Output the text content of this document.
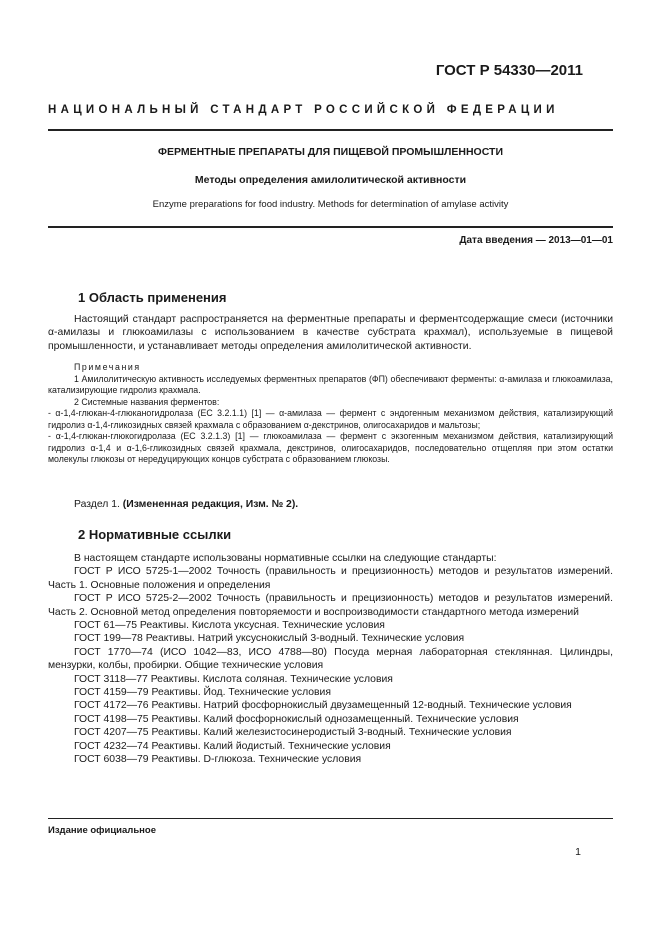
ГОСТ Р 54330—2011
НАЦИОНАЛЬНЫЙ СТАНДАРТ РОССИЙСКОЙ ФЕДЕРАЦИИ
ФЕРМЕНТНЫЕ ПРЕПАРАТЫ ДЛЯ ПИЩЕВОЙ ПРОМЫШЛЕННОСТИ
Методы определения амилолитической активности
Enzyme preparations for food industry. Methods for determination of amylase activity
Дата введения — 2013—01—01
1 Область применения

Настоящий стандарт распространяется на ферментные препараты и ферментсодержащие смеси (источники α-амилазы и глюкоамилазы с использованием в качестве субстрата крахмал), используемые в пищевой промышленности, и устанавливает методы определения амилолитической активности.

Примечания
1 Амилолитическую активность исследуемых ферментных препаратов (ФП) обеспечивают ферменты: α-амилаза и глюкоамилаза, катализирующие гидролиз крахмала.
2 Системные названия ферментов:
- α-1,4-глюкан-4-глюканогидролаза (ЕС 3.2.1.1) [1] — α-амилаза — фермент с эндогенным механизмом действия, катализирующий гидролиз α-1,4-гликозидных связей крахмала с образованием α-декстринов, олигосахаридов и мальтозы;
- α-1,4-глюкан-глюкогидролаза (ЕС 3.2.1.3) [1] — глюкоамилаза — фермент с экзогенным механизмом действия, катализирующий гидролиз α-1,4 и α-1,6-гликозидных связей крахмала, декстринов, олигосахаридов, последовательно отщепляя при этом остатки молекулы глюкозы от нередуцирующих концов субстрата с образованием глюкозы.
Раздел 1. (Измененная редакция, Изм. № 2).
2 Нормативные ссылки
В настоящем стандарте использованы нормативные ссылки на следующие стандарты:
ГОСТ Р ИСО 5725-1—2002 Точность (правильность и прецизионность) методов и результатов измерений. Часть 1. Основные положения и определения
ГОСТ Р ИСО 5725-2—2002 Точность (правильность и прецизионность) методов и результатов измерений. Часть 2. Основной метод определения повторяемости и воспроизводимости стандартного метода измерений
ГОСТ 61—75 Реактивы. Кислота уксусная. Технические условия
ГОСТ 199—78 Реактивы. Натрий уксуснокислый 3-водный. Технические условия
ГОСТ 1770—74 (ИСО 1042—83, ИСО 4788—80) Посуда мерная лабораторная стеклянная. Цилиндры, мензурки, колбы, пробирки. Общие технические условия
ГОСТ 3118—77 Реактивы. Кислота соляная. Технические условия
ГОСТ 4159—79 Реактивы. Йод. Технические условия
ГОСТ 4172—76 Реактивы. Натрий фосфорнокислый двузамещенный 12-водный. Технические условия
ГОСТ 4198—75 Реактивы. Калий фосфорнокислый однозамещенный. Технические условия
ГОСТ 4207—75 Реактивы. Калий железистосинеродистый 3-водный. Технические условия
ГОСТ 4232—74 Реактивы. Калий йодистый. Технические условия
ГОСТ 6038—79 Реактивы. D-глюкоза. Технические условия
Издание официальное
1
